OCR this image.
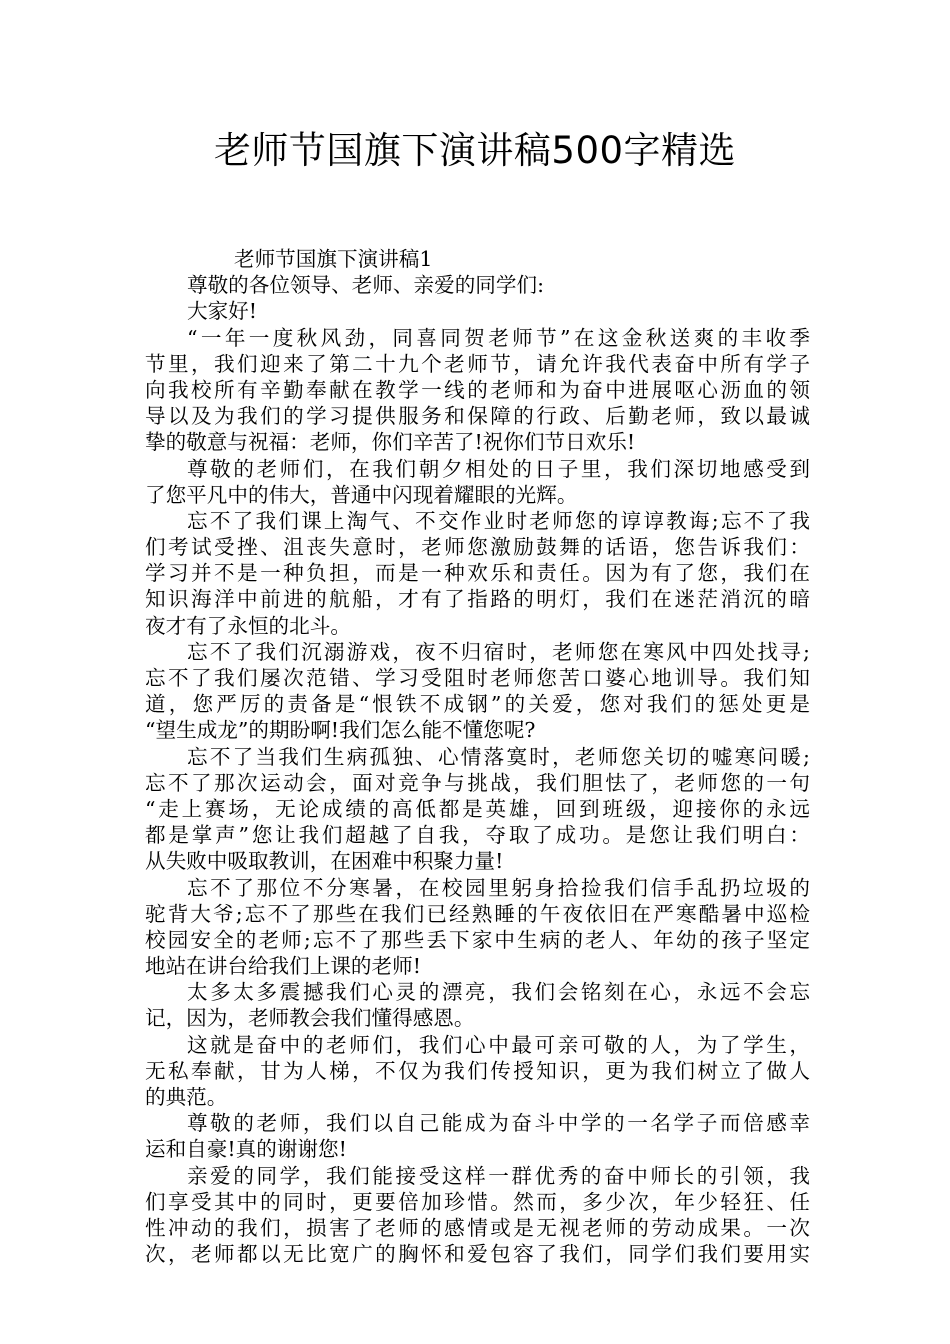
老师节国旗下演讲稿500字精选
老师节国旗下演讲稿1
尊敬的各位领导、老师、亲爱的同学们:
大家好!
“一年一度秋风劲，同喜同贺老师节”在这金秋送爽的丰收季
节里，我们迎来了第二十九个老师节，请允许我代表奋中所有学子
向我校所有辛勤奉献在教学一线的老师和为奋中进展呕心沥血的领
导以及为我们的学习提供服务和保障的行政、后勤老师，致以最诚
挚的敬意与祝福：老师，你们辛苦了!祝你们节日欢乐!
尊敬的老师们，在我们朝夕相处的日子里，我们深切地感受到
了您平凡中的伟大，普通中闪现着耀眼的光辉。
忘不了我们课上淘气、不交作业时老师您的谆谆教诲;忘不了我
们考试受挫、沮丧失意时，老师您激励鼓舞的话语，您告诉我们：
学习并不是一种负担，而是一种欢乐和责任。因为有了您，我们在
知识海洋中前进的航船，才有了指路的明灯，我们在迷茫消沉的暗
夜才有了永恒的北斗。
忘不了我们沉溺游戏，夜不归宿时，老师您在寒风中四处找寻;
忘不了我们屡次范错、学习受阻时老师您苦口婆心地训导。我们知
道，您严厉的责备是“恨铁不成钢”的关爱，您对我们的惩处更是
“望生成龙”的期盼啊!我们怎么能不懂您呢?
忘不了当我们生病孤独、心情落寞时，老师您关切的嘘寒问暖;
忘不了那次运动会，面对竞争与挑战，我们胆怯了，老师您的一句
“走上赛场，无论成绩的高低都是英雄，回到班级，迎接你的永远
都是掌声”您让我们超越了自我，夺取了成功。是您让我们明白：
从失败中吸取教训，在困难中积聚力量!
忘不了那位不分寒暑，在校园里躬身拾捡我们信手乱扔垃圾的
驼背大爷;忘不了那些在我们已经熟睡的午夜依旧在严寒酷暑中巡检
校园安全的老师;忘不了那些丢下家中生病的老人、年幼的孩子坚定
地站在讲台给我们上课的老师!
太多太多震撼我们心灵的漂亮，我们会铭刻在心，永远不会忘
记，因为，老师教会我们懂得感恩。
这就是奋中的老师们，我们心中最可亲可敬的人，为了学生，
无私奉献，甘为人梯，不仅为我们传授知识，更为我们树立了做人
的典范。
尊敬的老师，我们以自己能成为奋斗中学的一名学子而倍感幸
运和自豪!真的谢谢您!
亲爱的同学，我们能接受这样一群优秀的奋中师长的引领，我
们享受其中的同时，更要倍加珍惜。然而，多少次，年少轻狂、任
性冲动的我们，损害了老师的感情或是无视老师的劳动成果。一次
次，老师都以无比宽广的胸怀和爱包容了我们，同学们我们要用实
